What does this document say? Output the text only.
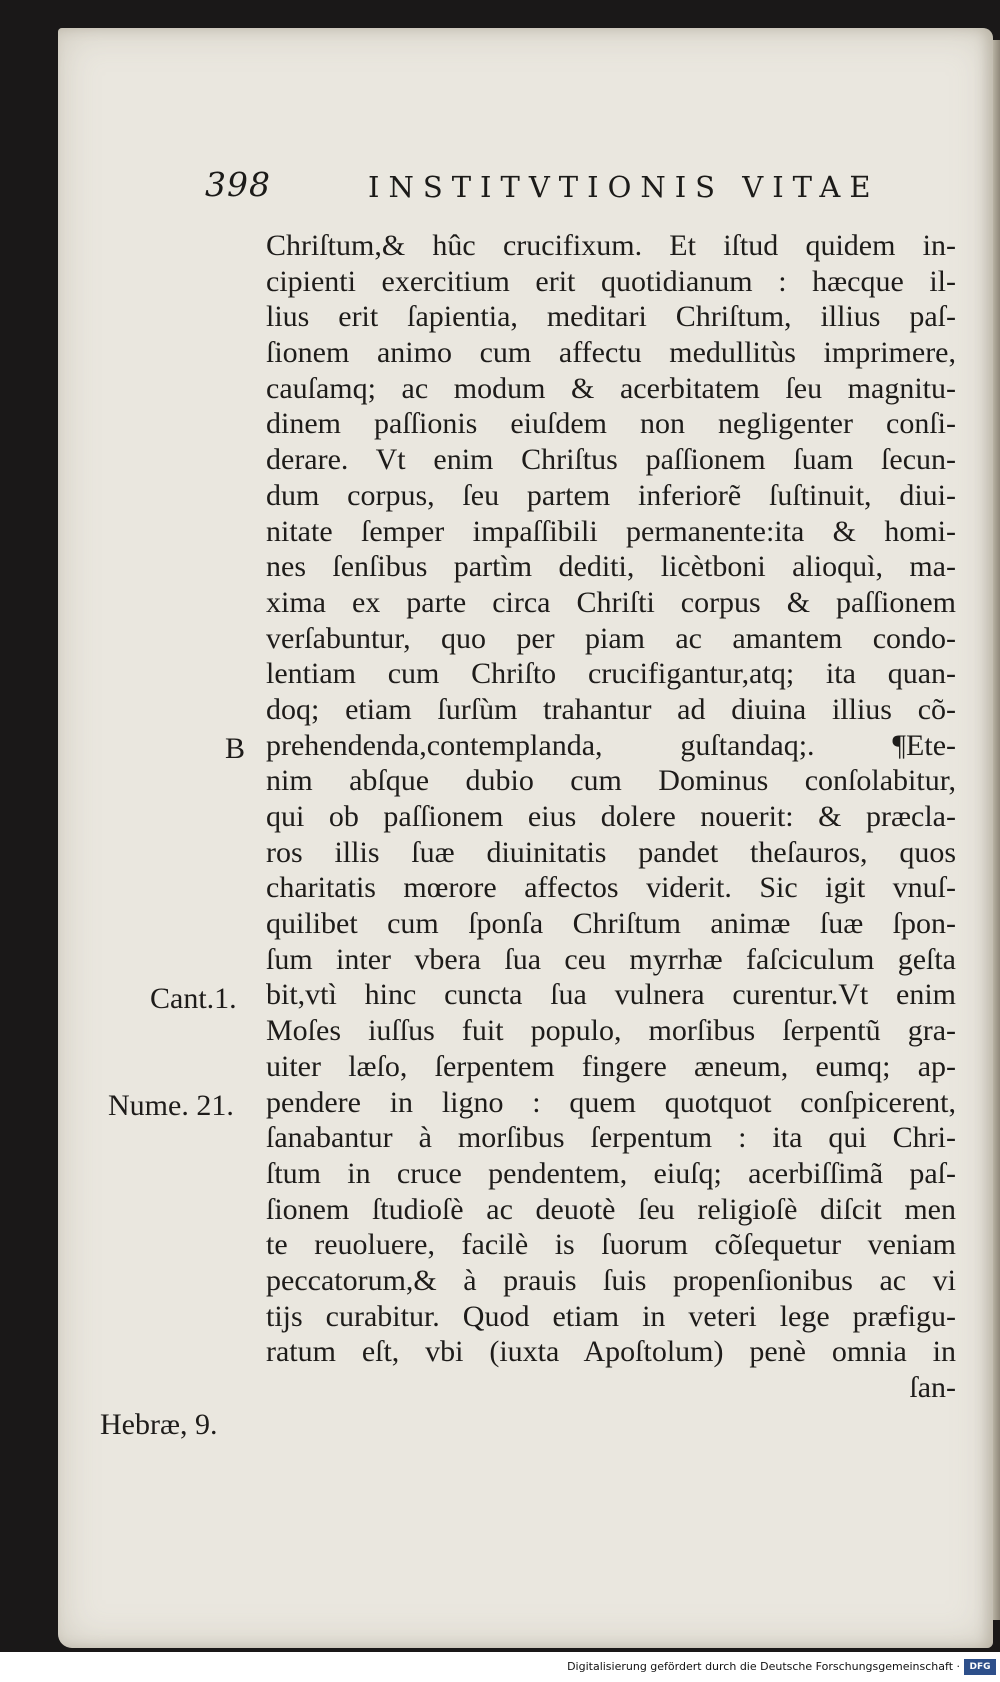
398	INSTITVTIONIS VITAE
Chriſtum,& hûc crucifixum. Et iſtud quidem in-
cipienti exercitium erit quotidianum : hæcque il-
lius erit ſapientia, meditari Chriſtum, illius paſ-
ſionem animo cum affectu medullitùs imprimere,
cauſamq; ac modum & acerbitatem ſeu magnitu-
dinem paſſionis eiuſdem non negligenter conſi-
derare. Vt enim Chriſtus paſſionem ſuam ſecun-
dum corpus, ſeu partem inferiorẽ ſuſtinuit, diui-
nitate ſemper impaſſibili permanente:ita & homi-
nes ſenſibus partìm dediti, licètboni alioquì, ma-
xima ex parte circa Chriſti corpus & paſſionem
verſabuntur, quo per piam ac amantem condo-
lentiam cum Chriſto crucifigantur,atq; ita quan-
doq; etiam ſurſùm trahantur ad diuina illius cõ-
prehendenda,contemplanda, guſtandaq;. ¶Ete-
nim abſque dubio cum Dominus conſolabitur,
qui ob paſſionem eius dolere nouerit: & præcla-
ros illis ſuæ diuinitatis pandet theſauros, quos
charitatis mœrore affectos viderit. Sic igit vnuſ-
quilibet cum ſponſa Chriſtum animæ ſuæ ſpon-
ſum inter vbera ſua ceu myrrhæ faſciculum geſta
bit,vtì hinc cuncta ſua vulnera curentur.Vt enim
Moſes iuſſus fuit populo, morſibus ſerpentũ gra-
uiter læſo, ſerpentem fingere æneum, eumq; ap-
pendere in ligno : quem quotquot conſpicerent,
ſanabantur à morſibus ſerpentum : ita qui Chri-
ſtum in cruce pendentem, eiuſq; acerbiſſimã paſ-
ſionem ſtudioſè ac deuotè ſeu religioſè diſcit men
te reuoluere, facilè is ſuorum cõſequetur veniam
peccatorum,& à prauis ſuis propenſionibus ac vi
tijs curabitur. Quod etiam in veteri lege præfigu-
ratum eſt, vbi (iuxta Apoſtolum) penè omnia in
ſan-
B
Cant.1.
Nume. 21.
Hebræ, 9.
Digitalisierung gefördert durch die Deutsche Forschungsgemeinschaft ·	DFG
